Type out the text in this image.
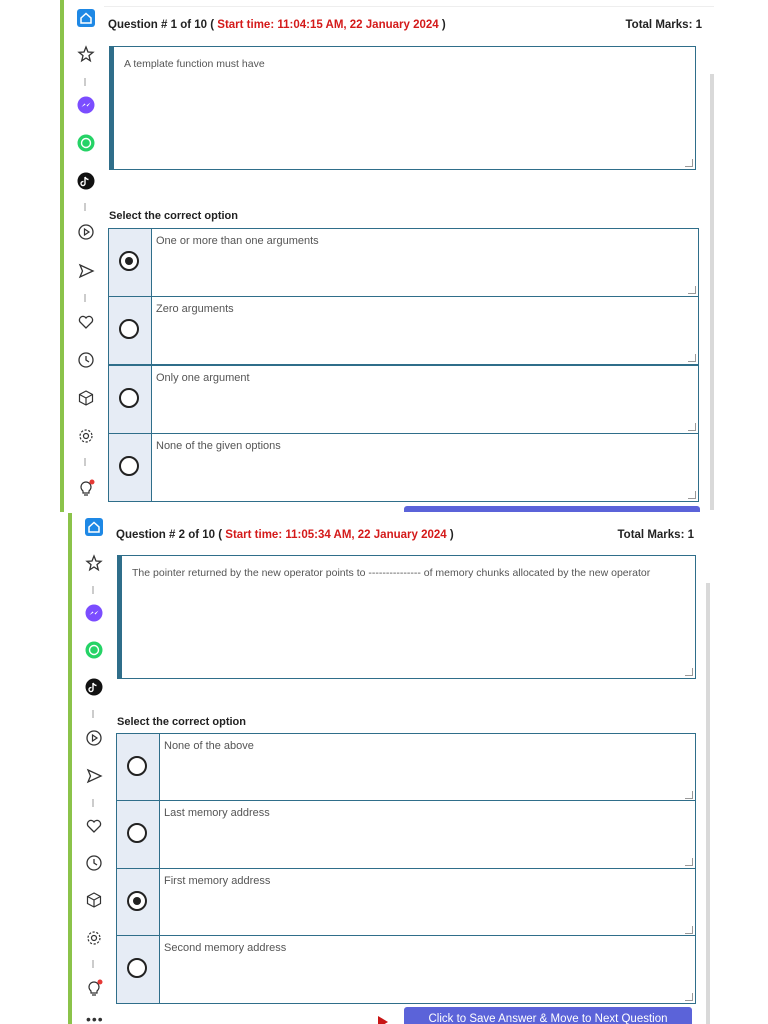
Question # 1 of 10 ( Start time: 11:04:15 AM, 22 January 2024 )	Total Marks: 1
A template function must have
Select the correct option
One or more than one arguments
Zero arguments
Only one argument
None of the given options
•••
Question # 2 of 10 ( Start time: 11:05:34 AM, 22 January 2024 )	Total Marks: 1
The pointer returned by the new operator points to --------------- of memory chunks allocated by the new operator
Select the correct option
None of the above
Last memory address
First memory address
Second memory address
Click to Save Answer & Move to Next Question
